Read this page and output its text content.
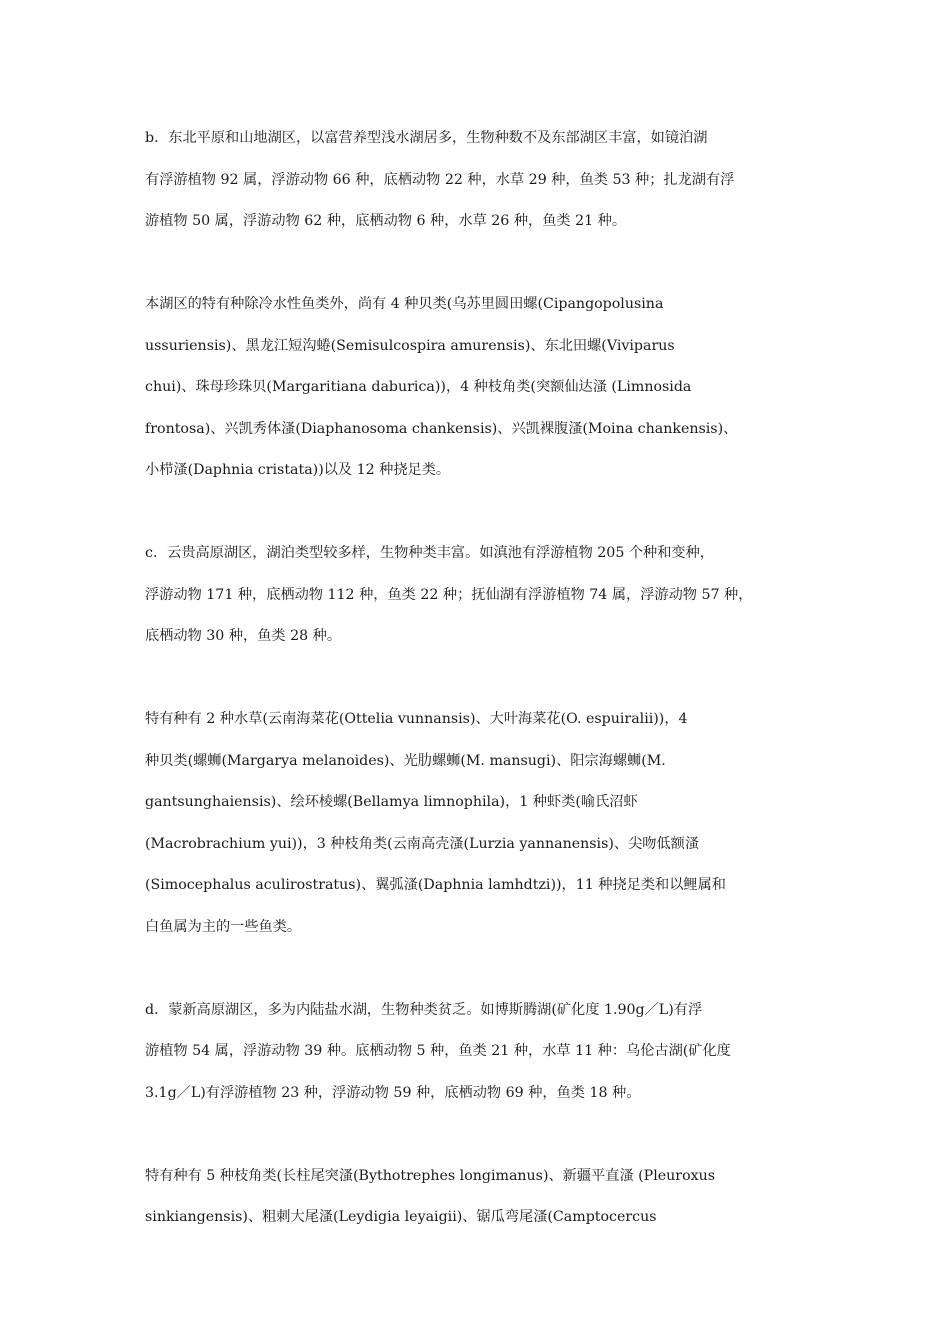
b．东北平原和山地湖区，以富营养型浅水湖居多，生物种数不及东部湖区丰富，如镜泊湖
有浮游植物 92 属，浮游动物 66 种，底栖动物 22 种，水草 29 种，鱼类 53 种；扎龙湖有浮
游植物 50 属，浮游动物 62 种，底栖动物 6 种，水草 26 种，鱼类 21 种。
本湖区的特有种除冷水性鱼类外，尚有 4 种贝类(乌苏里圆田螺(Cipangopolusina
ussuriensis)、黑龙江短沟蜷(Semisulcospira amurensis)、东北田螺(Viviparus
chui)、珠母珍珠贝(Margaritiana daburica))，4 种枝角类(突额仙达溞 (Limnosida
frontosa)、兴凯秀体溞(Diaphanosoma chankensis)、兴凯裸腹溞(Moina chankensis)、
小栉溞(Daphnia cristata))以及 12 种挠足类。
c．云贵高原湖区，湖泊类型较多样，生物种类丰富。如滇池有浮游植物 205 个种和变种，
浮游动物 171 种，底栖动物 112 种，鱼类 22 种；抚仙湖有浮游植物 74 属，浮游动物 57 种，
底栖动物 30 种，鱼类 28 种。
特有种有 2 种水草(云南海菜花(Ottelia vunnansis)、大叶海菜花(O. espuiralii))，4
种贝类(螺蛳(Margarya melanoides)、光肋螺蛳(M. mansugi)、阳宗海螺蛳(M.
gantsunghaiensis)、绘环棱螺(Bellamya limnophila)，1 种虾类(喻氏沼虾
(Macrobrachium yui))，3 种枝角类(云南高壳溞(Lurzia yannanensis)、尖吻低额溞
(Simocephalus aculirostratus)、翼弧溞(Daphnia lamhdtzi))，11 种挠足类和以鲤属和
白鱼属为主的一些鱼类。
d．蒙新高原湖区，多为内陆盐水湖，生物种类贫乏。如博斯腾湖(矿化度 1.90g／L)有浮
游植物 54 属，浮游动物 39 种。底栖动物 5 种，鱼类 21 种，水草 11 种：乌伦古湖(矿化度
3.1g／L)有浮游植物 23 种，浮游动物 59 种，底栖动物 69 种，鱼类 18 种。
特有种有 5 种枝角类(长柱尾突溞(Bythotrephes longimanus)、新疆平直溞 (Pleuroxus
sinkiangensis)、粗刺大尾溞(Leydigia leyaigii)、锯瓜弯尾溞(Camptocercus
